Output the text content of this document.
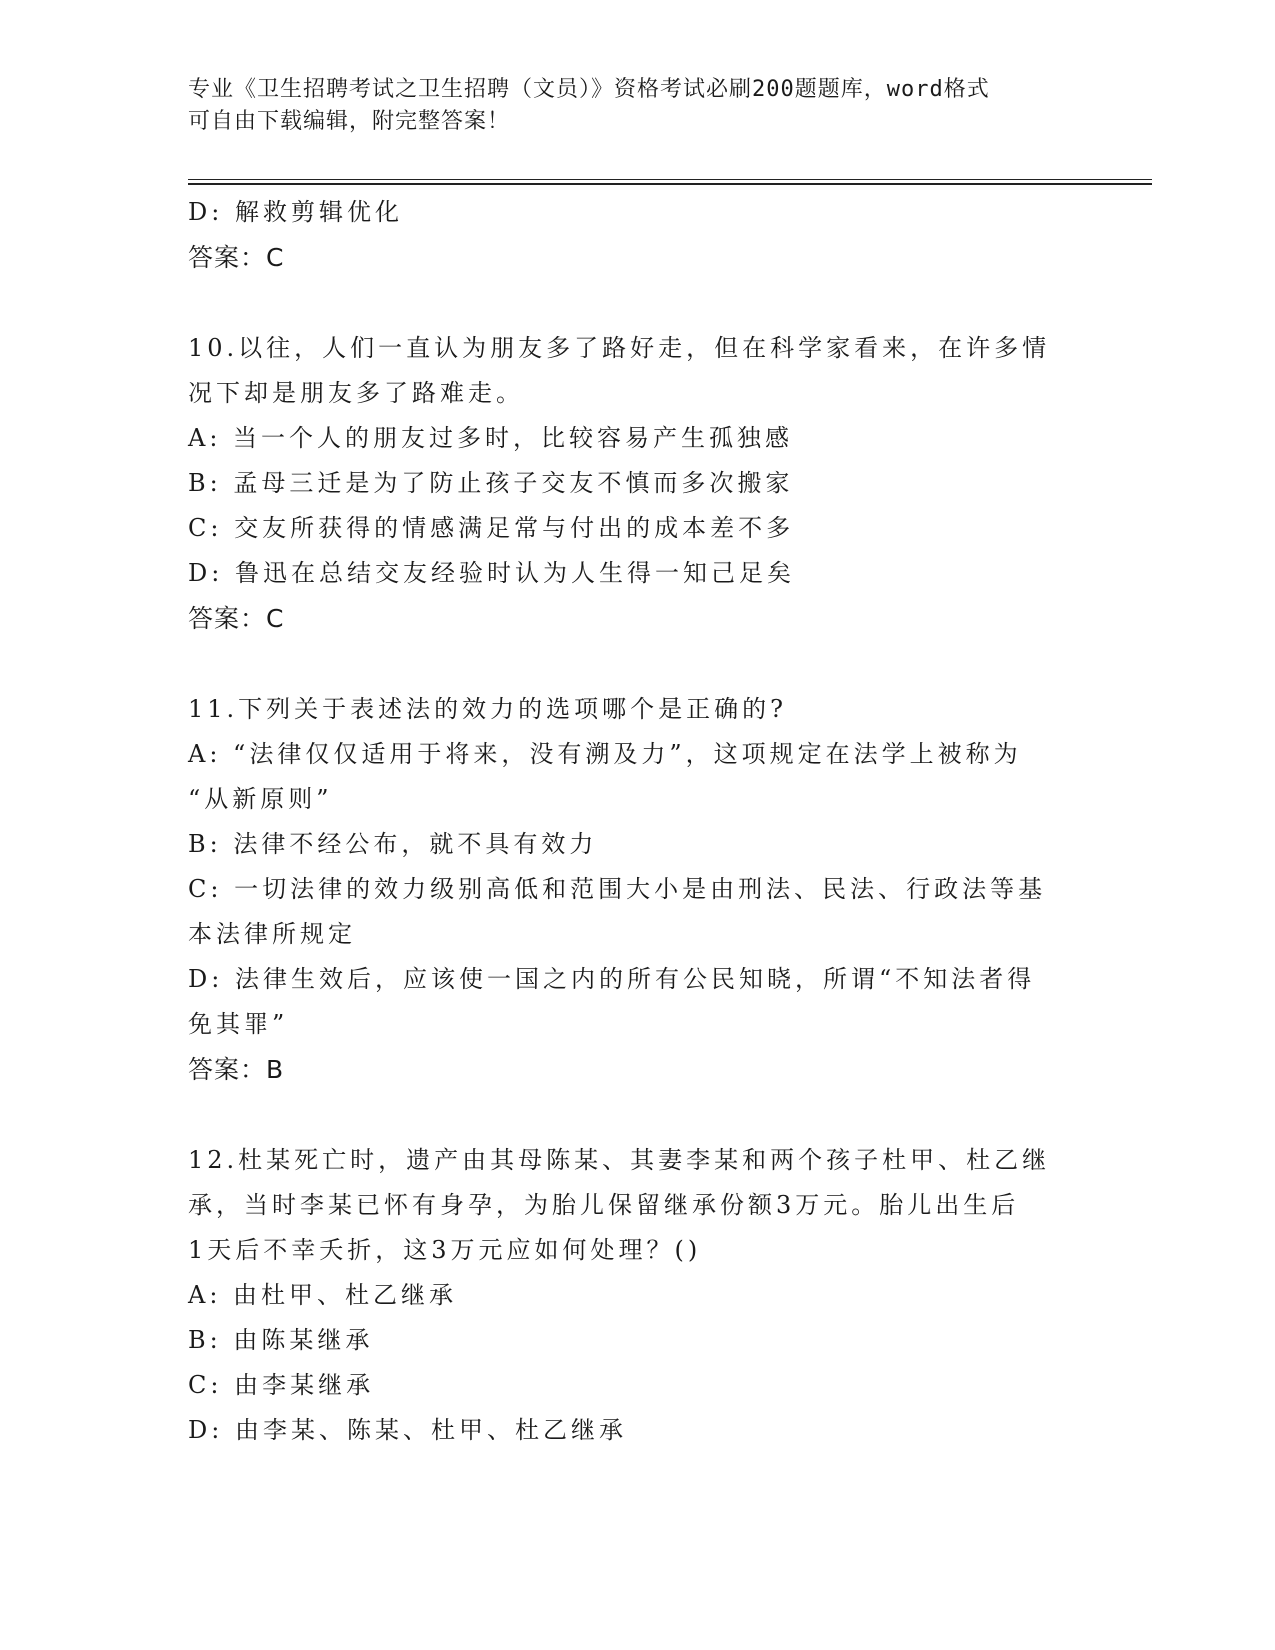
专业《卫生招聘考试之卫生招聘（文员）》资格考试必刷200题题库，word格式
可自由下载编辑，附完整答案！
D: 解救剪辑优化
答案：C
10.以往，人们一直认为朋友多了路好走，但在科学家看来，在许多情
况下却是朋友多了路难走。
A: 当一个人的朋友过多时，比较容易产生孤独感
B: 孟母三迁是为了防止孩子交友不慎而多次搬家
C: 交友所获得的情感满足常与付出的成本差不多
D: 鲁迅在总结交友经验时认为人生得一知己足矣
答案：C
11.下列关于表述法的效力的选项哪个是正确的?
A: “法律仅仅适用于将来，没有溯及力”，这项规定在法学上被称为
“从新原则”
B: 法律不经公布，就不具有效力
C: 一切法律的效力级别高低和范围大小是由刑法、民法、行政法等基
本法律所规定
D: 法律生效后，应该使一国之内的所有公民知晓，所谓“不知法者得
免其罪”
答案：B
12.杜某死亡时，遗产由其母陈某、其妻李某和两个孩子杜甲、杜乙继
承，当时李某已怀有身孕，为胎儿保留继承份额3万元。胎儿出生后
1天后不幸夭折，这3万元应如何处理？()
A: 由杜甲、杜乙继承
B: 由陈某继承
C: 由李某继承
D: 由李某、陈某、杜甲、杜乙继承
